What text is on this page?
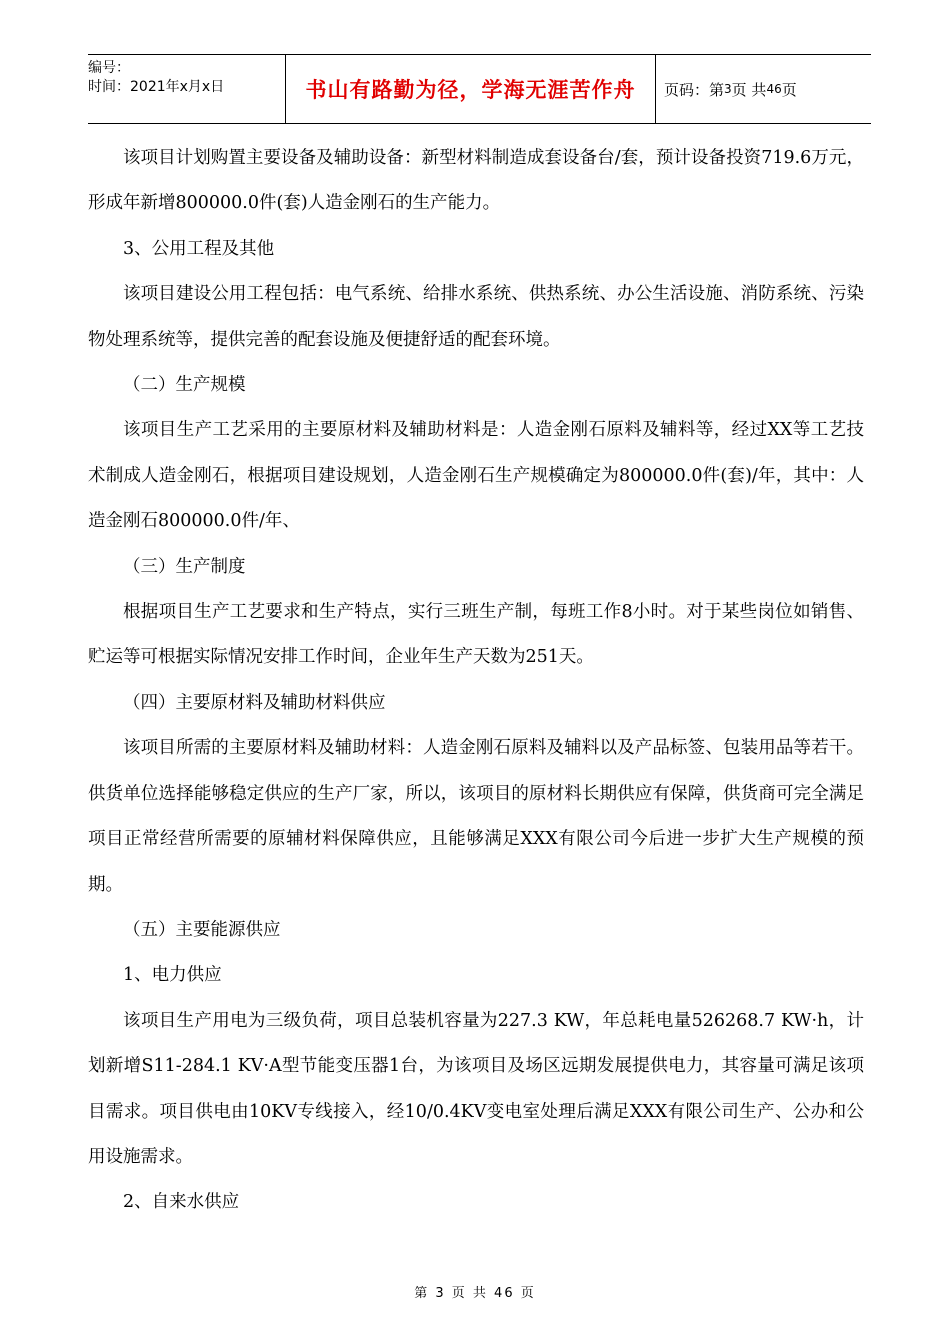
编号：
时间：2021年x月x日	书山有路勤为径，学海无涯苦作舟	页码：第 3 页 共 46 页

该项目计划购置主要设备及辅助设备：新型材料制造成套设备台/套，预计设备投资719.6万元，形成年新增800000.0件(套)人造金刚石的生产能力。

3、公用工程及其他

该项目建设公用工程包括：电气系统、给排水系统、供热系统、办公生活设施、消防系统、污染物处理系统等，提供完善的配套设施及便捷舒适的配套环境。

（二）生产规模

该项目生产工艺采用的主要原材料及辅助材料是：人造金刚石原料及辅料等，经过XX等工艺技术制成人造金刚石，根据项目建设规划，人造金刚石生产规模确定为800000.0件(套)/年，其中：人造金刚石800000.0件/年、

（三）生产制度

根据项目生产工艺要求和生产特点，实行三班生产制，每班工作8小时。对于某些岗位如销售、贮运等可根据实际情况安排工作时间，企业年生产天数为251天。

（四）主要原材料及辅助材料供应

该项目所需的主要原材料及辅助材料：人造金刚石原料及辅料以及产品标签、包装用品等若干。供货单位选择能够稳定供应的生产厂家，所以，该项目的原材料长期供应有保障，供货商可完全满足项目正常经营所需要的原辅材料保障供应，且能够满足XXX有限公司今后进一步扩大生产规模的预期。

（五）主要能源供应

1、电力供应

该项目生产用电为三级负荷，项目总装机容量为227.3 KW，年总耗电量526268.7 KW·h，计划新增S11-284.1 KV·A型节能变压器1台，为该项目及场区远期发展提供电力，其容量可满足该项目需求。项目供电由10KV专线接入，经10/0.4KV变电室处理后满足XXX有限公司生产、公办和公用设施需求。

2、自来水供应

第 3 页 共 46 页
